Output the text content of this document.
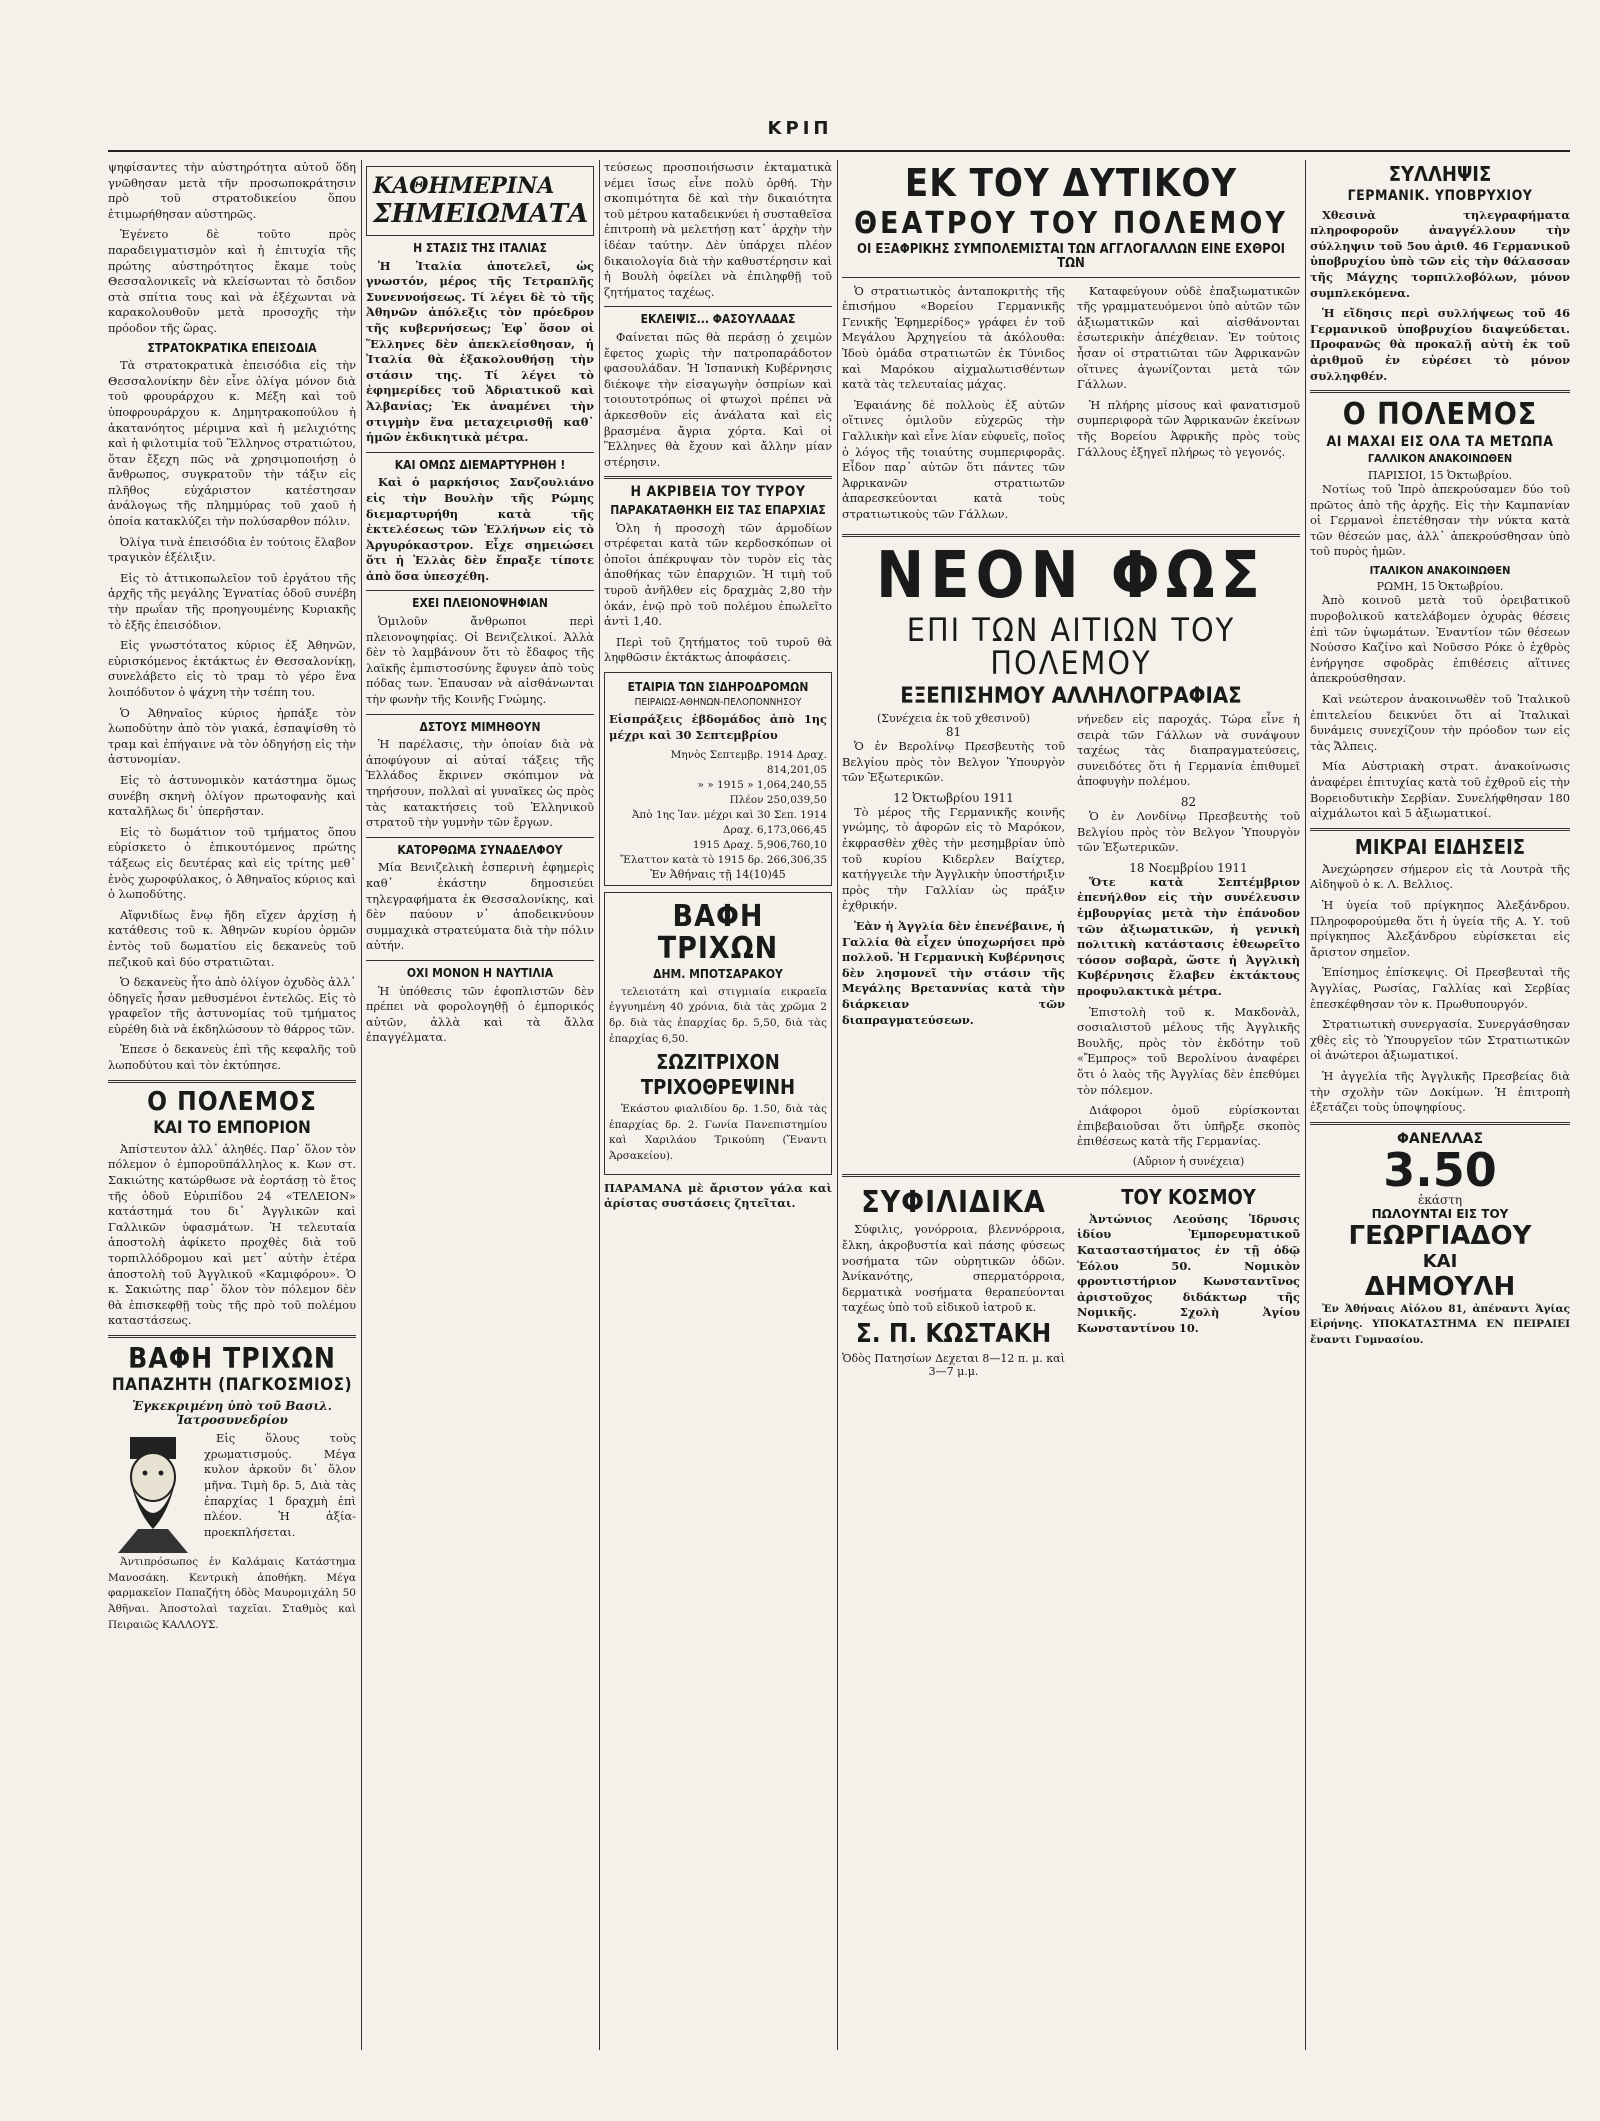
ΚΡΙΠ

ψηφίσαντες τὴν αὐστηρότητα αὐτοῦ ὅδη γνῶθησαν μετὰ τῆν προσωποκράτησιν πρὸ τοῦ στρατοδικείου ὅπου ἐτιμωρήθησαν αὐστηρῶς.

Ἐγένετο δὲ τοῦτο πρὸς παραδειγματισμὸν καὶ ἡ ἐπιτυχία τῆς πρώτης αὐστηρότητος ἔκαμε τοὺς Θεσσαλονικεῖς νὰ κλείσωνται τὸ ὄσιδον στὰ σπίτια τους καὶ νὰ ἐξέχωνται νὰ καρακολουθοῦν μετὰ προσοχῆς τὴν πρόοδον τῆς ὥρας.

ΣΤΡΑΤΟΚΡΑΤΙΚΑ ΕΠΕΙΣΟΔΙΑ

Τὰ στρατοκρατικὰ ἐπεισόδια εἰς τὴν Θεσσαλονίκην δὲν εἶνε ὀλίγα μόνον διὰ τοῦ φρουράρχου κ. Μέξη καὶ τοῦ ὑποφρουράρχου κ. Δημητρακοπούλου ἡ ἀκατανόητος μέριμνα καὶ ἡ μελιχιότης καὶ ἡ φιλοτιμία τοῦ Ἕλληνος στρατιώτου, ὅταν ἔξεχη πῶς νὰ χρησιμοποιήσῃ ὁ ἄνθρωπος, συγκρατοῦν τὴν τάξιν εἰς πλῆθος εὐχάριστον κατέστησαν ἀνάλογως τῆς πλημμύρας τοῦ χαοῦ ἡ ὁποία κατακλύζει τὴν πολύσαρθον πόλιν.

Ὀλίγα τινὰ ἐπεισόδια ἐν τούτοις ἔλαβον τραγικὸν ἐξέλιξιν.

Εἰς τὸ ἀττικοπωλεῖον τοῦ ἐργάτου τῆς ἀρχῆς τῆς μεγάλης Ἐγνατίας ὁδοῦ συνέβη τὴν πρωΐαν τῆς προηγουμένης Κυριακῆς τὸ ἑξῆς ἐπεισόδιον.

Εἰς γνωστότατος κύριος ἐξ Ἀθηνῶν, εὑρισκόμενος ἐκτάκτως ἐν Θεσσαλονίκῃ, συνελάβετο εἰς τὸ τραμ τὸ γέρο ἕνα λοιπόδυτον ὁ ψάχνη τὴν τσέπη του.

Ὁ Ἀθηναῖος κύριος ἠρπάξε τὸν λωποδύτην ἀπὸ τὸν γιακά, ἐσπαψίσθη τὸ τραμ καὶ ἐπήγαινε νὰ τὸν ὁδηγήσῃ εἰς τὴν ἀστυνομίαν.

Εἰς τὸ ἀστυνομικὸν κατάστημα ὅμως συνέβη σκηνὴ ὀλίγον πρωτοφανὴς καὶ καταλῆλως δι᾽ ὑπερῆσταν.

Εἰς τὸ δωμάτιον τοῦ τμήματος ὅπου εὑρίσκετο ὁ ἐπικουτόμενος πρώτης τάξεως εἰς δευτέρας καὶ εἰς τρίτης μεθ᾽ ἑνὸς χωροφύλακος, ὁ Ἀθηναῖος κύριος καὶ ὁ λωποδύτης.

Αἴφνιδίως ἔνῳ ἤδη εἴχεν ἀρχίσῃ ἡ κατάθεσις τοῦ κ. Ἀθηνῶν κυρίου ὁρμῶν ἐντὸς τοῦ δωματίου εἰς δεκανεὺς τοῦ πεζικοῦ καὶ δύο στρατιῶται.

Ὁ δεκανεὺς ἦτο ἀπὸ ὀλίγον ὀχυδὸς ἀλλ᾽ ὁδηγεῖς ἦσαν μεθυσμένοι ἐντελῶς. Εἰς τὸ γραφεῖον τῆς ἀστυνομίας τοῦ τμήματος εὑρέθη διὰ νὰ ἐκδηλώσουν τὸ θάρρος τῶν.

Ἐπεσε ὁ δεκανεὺς ἐπὶ τῆς κεφαλῆς τοῦ λωποδύτου καὶ τὸν ἐκτύπησε.

Ο ΠΟΛΕΜΟΣ
ΚΑΙ ΤΟ ΕΜΠΟΡΙΟΝ

Ἀπίστευτον ἀλλ᾽ ἀληθές. Παρ᾽ ὅλον τὸν πόλεμον ὁ ἐμποροϋπάλληλος κ. Κων στ. Σακιώτης κατώρθωσε νὰ ἐορτάσῃ τὸ ἔτος τῆς ὁδοῦ Εὐριπίδου 24 «ΤΕΛΕΙΟΝ» κατάστημά του δι᾽ Ἀγγλικῶν καὶ Γαλλικῶν ὑφασμάτων. Ἡ τελευταία ἀποστολὴ ἀφίκετο προχθὲς διὰ τοῦ τορπιλλόδρομου καὶ μετ᾽ αὐτὴν ἑτέρα ἀποστολὴ τοῦ Ἀγγλικοῦ «Καμιφόρου». Ὁ κ. Σακιώτης παρ᾽ ὅλον τὸν πόλεμον δὲν θὰ ἐπισκεφθῇ τοὺς τῆς πρὸ τοῦ πολέμου καταστάσεως.

ΒΑΦΗ ΤΡΙΧΩΝ
ΠΑΠΑΖΗΤΗ (ΠΑΓΚΟΣΜΙΟΣ)
Ἐγκεκριμένη ὑπὸ τοῦ Βασιλ. Ἰατροσυνεδρίου

Εἰς ὅλους τοὺς χρωματισμούς. Μέγα κυλον ἀρκοῦν δι᾽ ὅλον μῆνα. Τιμὴ δρ. 5, Διὰ τὰς ἐπαρχίας 1 δραχμὴ ἐπὶ πλέον. Ἡ ἀξία-προεκπλήσεται.

Ἀντιπρόσωπος ἐν Καλάμαις Κατάστημα Μανοσάκη. Κεντρικὴ ἀποθήκη. Μέγα φαρμακεῖον Παπαζήτη ὁδὸς Μαυρομιχάλη 50 Ἀθῆναι. Ἀποστολαὶ ταχεῖαι. Σταθμὸς καὶ Πειραιῶς ΚΑΛΛΟΥΣ.

ΚΑΘΗΜΕΡΙΝΑ
ΣΗΜΕΙΩΜΑΤΑ
Η ΣΤΑΣΙΣ ΤΗΣ ΙΤΑΛΙΑΣ

Ἡ Ἰταλία ἀποτελεῖ, ὡς γνωστόν, μέρος τῆς Τετραπλῆς Συνεννοήσεως. Τί λέγει δὲ τὸ τῆς Ἀθηνῶν ἀπόλεξις τὸν πρόεδρον τῆς κυβερνήσεως; Ἐφ᾽ ὅσον οἱ Ἕλληνες δὲν ἀπεκλείσθησαν, ἡ Ἰταλία θὰ ἐξακολουθήσῃ τὴν στάσιν της. Τί λέγει τὸ ἐφημερίδες τοῦ Ἀδριατικοῦ καὶ Ἀλβανίας; Ἐκ ἀναμένει τὴν στιγμὴν ἕνα μεταχειρισθῇ καθ᾽ ἡμῶν ἐκδικητικὰ μέτρα.

ΚΑΙ ΟΜΩΣ ΔΙΕΜΑΡΤΥΡΗΘΗ !

Καὶ ὁ μαρκήσιος Σανζουλιάνο εἰς τὴν Βουλὴν τῆς Ρώμης διεμαρτυρήθη κατὰ τῆς ἐκτελέσεως τῶν Ἑλλήνων εἰς τὸ Ἀργυρόκαστρον. Εἶχε σημειώσει ὅτι ἡ Ἑλλὰς δὲν ἔπραξε τίποτε ἀπὸ ὅσα ὑπεσχέθη.

ΕΧΕΙ ΠΛΕΙΟΝΟΨΗΦΙΑΝ

Ὁμιλοῦν ἄνθρωποι περὶ πλειονοψηφίας. Οἱ Βενιζελικοί. Ἀλλὰ δὲν τὸ λαμβάνουν ὅτι τὸ ἔδαφος τῆς λαϊκῆς ἐμπιστοσύνης ἔφυγεν ἀπὸ τοὺς πόδας των. Ἐπαυσαν νὰ αἰσθάνωνται τὴν φωνὴν τῆς Κοινῆς Γνώμης.

ΔΣΤΟΥΣ ΜΙΜΗΘΟΥΝ

Ἡ παρέλασις, τὴν ὁποίαν διὰ νὰ ἀποφύγουν αἱ αὐταί τάξεις τῆς Ἑλλάδος ἔκρινεν σκόπιμον νὰ τηρήσουν, πολλαὶ αἱ γυναῖκες ὡς πρὸς τὰς κατακτήσεις τοῦ Ἑλληνικοῦ στρατοῦ τὴν γυμνὴν τῶν ἔργων.

ΚΑΤΟΡΘΩΜΑ ΣΥΝΑΔΕΛΦΟΥ

Μία Βενιζελικὴ ἑσπερινὴ ἐφημερὶς καθ᾽ ἑκάστην δημοσιεύει τηλεγραφήματα ἐκ Θεσσαλονίκης, καὶ δὲν παύουν ν᾽ ἀποδεικνύουν συμμαχικὰ στρατεύματα διὰ τὴν πόλιν αὐτήν.

ΟΧΙ ΜΟΝΟΝ Η ΝΑΥΤΙΛΙΑ

Ἡ ὑπόθεσις τῶν ἐφοπλιστῶν δὲν πρέπει νὰ φορολογηθῇ ὁ ἐμπορικός αὐτῶν, ἀλλὰ καὶ τὰ ἄλλα ἐπαγγέλματα.

τεύσεως προσποιήσωσιν ἐκταματικὰ νέμει ἴσως εἶνε πολὺ ὀρθή. Τὴν σκοπιμότητα δὲ καὶ τὴν δικαιότητα τοῦ μέτρου καταδεικνύει ἡ συσταθεῖσα ἐπιτροπὴ νὰ μελετήσῃ κατ᾽ ἀρχὴν τὴν ἰδέαν ταύτην. Δὲν ὑπάρχει πλέον δικαιολογία διὰ τὴν καθυστέρησιν καὶ ἡ Βουλὴ ὀφείλει νὰ ἐπιληφθῇ τοῦ ζητήματος ταχέως.

ΕΚΛΕΙΨΙΣ... ΦΑΣΟΥΛΑΔΑΣ

Φαίνεται πῶς θὰ περάσῃ ὁ χειμὼν ἔφετος χωρὶς τὴν πατροπαράδοτον φασουλάδαν. Ἡ Ἰσπανικὴ Κυβέρνησις διέκοψε τὴν εἰσαγωγὴν ὀσπρίων καὶ τοιουτοτρόπως οἱ φτωχοὶ πρέπει νὰ ἀρκεσθοῦν εἰς ἀνάλατα καὶ εἰς βρασμένα ἄγρια χόρτα. Καὶ οἱ Ἕλληνες θὰ ἔχουν καὶ ἄλλην μίαν στέρησιν.

Η ΑΚΡΙΒΕΙΑ ΤΟΥ ΤΥΡΟΥ
ΠΑΡΑΚΑΤΑΘΗΚΗ ΕΙΣ ΤΑΣ ΕΠΑΡΧΙΑΣ

Ὁλη ἡ προσοχὴ τῶν ἀρμοδίων στρέφεται κατὰ τῶν κερδοσκόπων οἱ ὁποῖοι ἀπέκρυψαν τὸν τυρὸν εἰς τὰς ἀποθήκας τῶν ἐπαρχιῶν. Ἡ τιμὴ τοῦ τυροῦ ἀνῆλθεν εἰς δραχμὰς 2,80 τὴν ὀκάν, ἐνῷ πρὸ τοῦ πολέμου ἐπωλεῖτο ἀντὶ 1,40.

Περὶ τοῦ ζητήματος τοῦ τυροῦ θὰ ληφθῶσιν ἐκτάκτως ἀποφάσεις.

ΕΤΑΙΡΙΑ ΤΩΝ ΣΙΔΗΡΟΔΡΟΜΩΝ
ΠΕΙΡΑΙΩΣ-ΑΘΗΝΩΝ-ΠΕΛΟΠΟΝΝΗΣΟΥ

Εἰσπράξεις ἑβδομάδος ἀπὸ 1ης μέχρι καὶ 30 Σεπτεμβρίου

Μηνὸς Σεπτεμβρ. 1914 Δραχ. 814,201,05
» » 1915 » 1,064,240,55
Πλέον 250,039,50
Ἀπὸ 1ης Ἰαν. μέχρι καὶ 30 Σεπ. 1914 Δραχ. 6,173,066,45
1915 Δραχ. 5,906,760,10
Ἔλαττον κατὰ τὸ 1915 δρ. 266,306,35
Ἐν Ἀθήναις τῇ 14(10)45
ΒΑΦΗ ΤΡΙΧΩΝ
ΔΗΜ. ΜΠΟΤΣΑΡΑΚΟΥ

τελειοτάτη καὶ στιγμιαία εικραεῖα ἐγγυημένη 40 χρόνια, διὰ τὰς χρῶμα 2 δρ. διὰ τὰς ἐπαρχίας δρ. 5,50, διὰ τὰς ἐπαρχίας 6,50.

ΣΩΖΙΤΡΙΧΟΝ
ΤΡΙΧΟΘΡΕΨΙΝΗ

Ἑκάστου φιαλιδίου δρ. 1.50, διὰ τὰς ἐπαρχίας δρ. 2. Γωνία Πανεπιστημίου καὶ Χαριλάου Τρικούπη (Ἔναντι Ἀρσακείου).

ΠΑΡΑΜΑΝΑ μὲ ἄριστον γάλα καὶ ἀρίστας συστάσεις ζητεῖται.

ΕΚ ΤΟΥ ΔΥΤΙΚΟΥ
ΘΕΑΤΡΟΥ ΤΟΥ ΠΟΛΕΜΟΥ
ΟΙ ΕΞΑΦΡΙΚΗΣ ΣΥΜΠΟΛΕΜΙΣΤΑΙ ΤΩΝ ΑΓΓΛΟΓΑΛΛΩΝ ΕΙΝΕ ΕΧΘΡΟΙ ΤΩΝ

Ὁ στρατιωτικὸς ἀνταποκριτὴς τῆς ἐπισήμου «Βορείου Γερμανικῆς Γενικῆς Ἐφημερίδος» γράφει ἐν τοῦ Μεγάλου Ἀρχηγείου τὰ ἀκόλουθα: Ἰδοὺ ὁμάδα στρατιωτῶν ἐκ Τύνιδος καὶ Μαρόκου αἰχμαλωτισθέντων κατὰ τὰς τελευταίας μάχας.

Ἐφαιάνης δὲ πολλοὺς ἐξ αὐτῶν οἵτινες ὁμιλοῦν εὐχερῶς τὴν Γαλλικὴν καὶ εἶνε λίαν εὐφυεῖς, ποῖος ὁ λόγος τῆς τοιαύτης συμπεριφορᾶς. Εἶδον παρ᾽ αὐτῶν ὅτι πάντες τῶν Ἀφρικανῶν στρατιωτῶν ἀπαρεσκεύονται κατὰ τοὺς στρατιωτικοὺς τῶν Γάλλων.

Καταφεύγουν οὐδὲ ἐπαξιωματικῶν τῆς γραμματευόμενοι ὑπὸ αὐτῶν τῶν ἀξιωματικῶν καὶ αἰσθάνονται ἐσωτερικὴν ἀπέχθειαν. Ἐν τούτοις ἦσαν οἱ στρατιῶται τῶν Ἀφρικανῶν οἵτινες ἀγωνίζονται μετὰ τῶν Γάλλων.

Ἡ πλήρης μίσους καὶ φανατισμοῦ συμπεριφορὰ τῶν Ἀφρικανῶν ἐκείνων τῆς Βορείου Ἀφρικῆς πρὸς τοὺς Γάλλους ἐξηγεῖ πλήρως τὸ γεγονός.

ΝΕΟΝ ΦΩΣ
ΕΠΙ ΤΩΝ ΑΙΤΙΩΝ ΤΟΥ ΠΟΛΕΜΟΥ
ΕΞΕΠΙΣΗΜΟΥ ΑΛΛΗΛΟΓΡΑΦΙΑΣ
(Συνέχεια ἐκ τοῦ χθεσινοῦ)
81

Ὁ ἐν Βερολίνῳ Πρεσβευτὴς τοῦ Βελγίου πρὸς τὸν Βελγον Ὑπουργὸν τῶν Ἐξωτερικῶν.

12 Ὀκτωβρίου 1911

Τὸ μέρος τῆς Γερμανικῆς κοινῆς γνώμης, τὸ ἀφορῶν εἰς τὸ Μαρόκον, ἐκφρασθὲν χθὲς τὴν μεσημβρίαν ὑπὸ τοῦ κυρίου Κιδερλεν Βαίχτερ, κατήγγειλε τὴν Ἀγγλικὴν ὑποστήριξιν πρὸς τὴν Γαλλίαν ὡς πράξιν ἐχθρικήν.

Ἐὰν ἡ Ἀγγλία δὲν ἐπενέβαινε, ἡ Γαλλία θὰ εἶχεν ὑποχωρήσει πρὸ πολλοῦ. Ἡ Γερμανικὴ Κυβέρνησις δὲν λησμονεῖ τὴν στάσιν τῆς Μεγάλης Βρεταννίας κατὰ τὴν διάρκειαν τῶν διαπραγματεύσεων.

νήνεδεν εἰς παροχάς. Τώρα εἶνε ἡ σειρὰ τῶν Γάλλων νὰ συνάψουν ταχέως τὰς διαπραγματεύσεις, συνειδότες ὅτι ἡ Γερμανία ἐπιθυμεῖ ἀποφυγὴν πολέμου.

82

Ὁ ἐν Λονδίνῳ Πρεσβευτὴς τοῦ Βελγίου πρὸς τὸν Βελγον Ὑπουργὸν τῶν Ἐξωτερικῶν.

18 Νοεμβρίου 1911

Ὅτε κατὰ Σεπτέμβριον ἐπενήλθον εἰς τὴν συνέλευσιν ἐμβουργίας μετὰ τὴν ἐπάνοδον τῶν ἀξιωματικῶν, ἡ γενικὴ πολιτικὴ κατάστασις ἐθεωρεῖτο τόσον σοβαρὰ, ὥστε ἡ Ἀγγλικὴ Κυβέρνησις ἔλαβεν ἐκτάκτους προφυλακτικὰ μέτρα.

Ἐπιστολὴ τοῦ κ. Μακδονὰλ, σοσιαλιστοῦ μέλους τῆς Ἀγγλικῆς Βουλῆς, πρὸς τὸν ἐκδότην τοῦ «Ἔμπρος» τοῦ Βερολίνου ἀναφέρει ὅτι ὁ λαὸς τῆς Ἀγγλίας δὲν ἐπεθύμει τὸν πόλεμον.

Διάφοροι ὁμοῦ εὑρίσκονται ἐπιβεβαιοῦσαι ὅτι ὑπῆρξε σκοπὸς ἐπιθέσεως κατὰ τῆς Γερμανίας.

(Αὔριον ἡ συνέχεια)
ΣΥΦΙΛΙΔΙΚΑ

Σύφιλις, γονόρροια, βλεννόρροια, ἔλκη, ἀκροβυστία καὶ πάσης φύσεως νοσήματα τῶν οὐρητικῶν ὁδῶν. Ἀνίκανότης, σπερματόρροια, δερματικὰ νοσήματα θεραπεύονται ταχέως ὑπὸ τοῦ εἰδικοῦ ἰατροῦ κ.

Σ. Π. ΚΩΣΤΑΚΗ
Ὁδὸς Πατησίων Δεχεται 8—12 π. μ. καὶ 3—7 μ.μ.
ΤΟΥ ΚΟΣΜΟΥ

Ἀντώνιος Λεούσης Ἱδρυσις ἰδίου Ἐμπορευματικοῦ Κατασταστήματος ἐν τῇ ὁδῷ Ἐόλου 50. Νομικὸν φροντιστήριον Κωνσταντῖνος ἀριστοῦχος διδάκτωρ τῆς Νομικῆς. Σχολὴ Ἀγίου Κωνσταντίνου 10.

ΣΥΛΛΗΨΙΣ
ΓΕΡΜΑΝΙΚ. ΥΠΟΒΡΥΧΙΟΥ

Χθεσινὰ τηλεγραφήματα πληροφοροῦν ἀναγγέλλουν τὴν σύλληψιν τοῦ 5ου ἀριθ. 46 Γερμανικοῦ ὑποβρυχίου ὑπὸ τῶν εἰς τὴν θάλασσαν τῆς Μάγχης τορπιλλοβόλων, μόνον συμπλεκόμενα.

Ἡ εἴδησις περὶ συλλήψεως τοῦ 46 Γερμανικοῦ ὑποβρυχίου διαψεύδεται. Προφανῶς θὰ προκαλῇ αὐτὴ ἐκ τοῦ ἀριθμοῦ ἐν εὐρέσει τὸ μόνον συλληφθέν.

Ο ΠΟΛΕΜΟΣ
ΑΙ ΜΑΧΑΙ ΕΙΣ ΟΛΑ ΤΑ ΜΕΤΩΠΑ
ΓΑΛΛΙΚΟΝ ΑΝΑΚΟΙΝΩΘΕΝ
ΠΑΡΙΣΙΟΙ, 15 Ὀκτωβρίου.

Νοτίως τοῦ Ἰπρὸ ἀπεκρούσαμεν δύο τοῦ πρῶτος ἀπὸ τῆς ἀρχῆς. Εἰς τὴν Καμπανίαν οἱ Γερμανοὶ ἐπετέθησαν τὴν νύκτα κατὰ τῶν θέσεών μας, ἀλλ᾽ ἀπεκρούσθησαν ὑπὸ τοῦ πυρὸς ἡμῶν.

ΙΤΑΛΙΚΟΝ ΑΝΑΚΟΙΝΩΘΕΝ
ΡΩΜΗ, 15 Ὀκτωβρίου.

Ἀπὸ κοινοῦ μετὰ τοῦ ὀρειβατικοῦ πυροβολικοῦ κατελάβομεν ὀχυρὰς θέσεις ἐπὶ τῶν ὑψωμάτων. Ἐναντίον τῶν θέσεων Νούσσο Καζίνο καὶ Νοῦσσο Ρόκε ὁ ἐχθρὸς ἐνήργησε σφοδρὰς ἐπιθέσεις αἵτινες ἀπεκρούσθησαν.

Καὶ νεώτερον ἀνακοινωθὲν τοῦ Ἰταλικοῦ ἐπιτελείου δεικνύει ὅτι αἱ Ἰταλικαὶ δυνάμεις συνεχίζουν τὴν πρόοδον των εἰς τὰς Ἄλπεις.

Μία Αὐστριακὴ στρατ. ἀνακοίνωσις ἀναφέρει ἐπιτυχίας κατὰ τοῦ ἐχθροῦ εἰς τὴν Βορειοδυτικὴν Σερβίαν. Συνελήφθησαν 180 αἰχμάλωτοι καὶ 5 ἀξιωματικοί.

ΜΙΚΡΑΙ ΕΙΔΗΣΕΙΣ

Ἀνεχώρησεν σήμερον εἰς τὰ Λουτρὰ τῆς Αἰδηψοῦ ὁ κ. Λ. Βελλιος.

Ἡ ὑγεία τοῦ πρίγκηπος Ἀλεξάνδρου. Πληροφορούμεθα ὅτι ἡ ὑγεία τῆς Α. Υ. τοῦ πρίγκηπος Ἀλεξάνδρου εὑρίσκεται εἰς ἄριστον σημεῖον.

Ἐπίσημος ἐπίσκεψις. Οἱ Πρεσβευταὶ τῆς Ἀγγλίας, Ρωσίας, Γαλλίας καὶ Σερβίας ἐπεσκέφθησαν τὸν κ. Πρωθυπουργόν.

Στρατιωτικὴ συνεργασία. Συνεργάσθησαν χθὲς εἰς τὸ Ὑπουργεῖον τῶν Στρατιωτικῶν οἱ ἀνώτεροι ἀξιωματικοί.

Ἡ ἀγγελία τῆς Ἀγγλικῆς Πρεσβείας διὰ τὴν σχολὴν τῶν Δοκίμων. Ἡ ἐπιτροπὴ ἐξετάζει τοὺς ὑποψηφίους.

ΦΑΝΕΛΛΑΣ
3.50
ἑκάστη
ΠΩΛΟΥΝΤΑΙ ΕΙΣ ΤΟΥ
ΓΕΩΡΓΙΑΔΟΥ
ΚΑΙ
ΔΗΜΟΥΛΗ

Ἐν Ἀθήναις Αἰόλου 81, ἀπέναντι Ἁγίας Εἰρήνης. ΥΠΟΚΑΤΑΣΤΗΜΑ ΕΝ ΠΕΙΡΑΙΕΙ ἔναντι Γυμνασίου.
